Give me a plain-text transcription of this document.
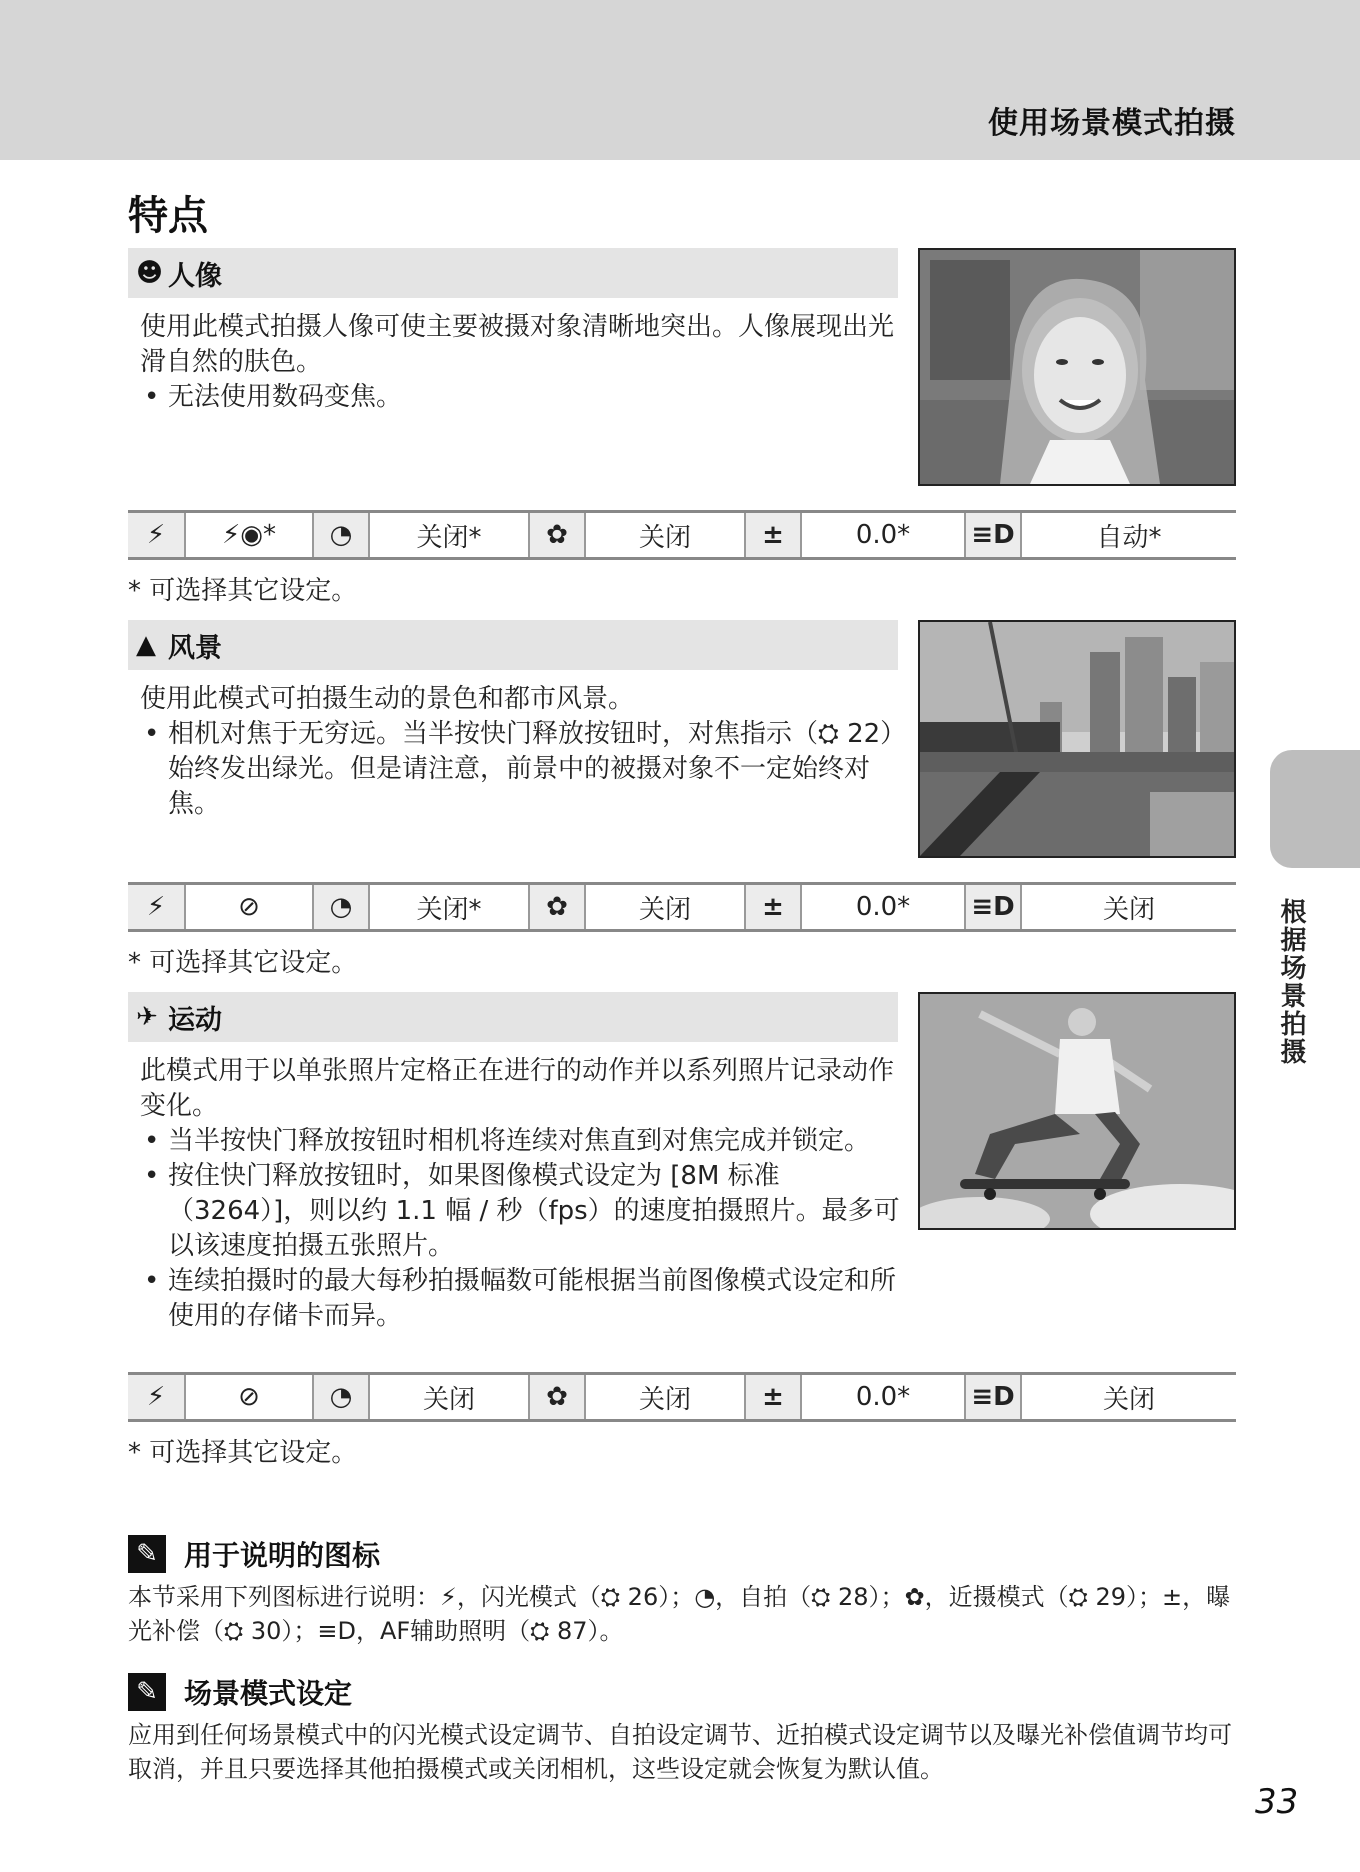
使用场景模式拍摄
特点
☻ 人像

使用此模式拍摄人像可使主要被摄对象清晰地突出。人像展现出光滑自然的肤色。

• 无法使用数码变焦。
⚡	⚡◉*	◔	关闭*	✿	关闭	±	0.0*	≡D	自动*
* 可选择其它设定。
▲ 风景

使用此模式可拍摄生动的景色和都市风景。

• 相机对焦于无穷远。当半按快门释放按钮时，对焦指示（⛭ 22）始终发出绿光。但是请注意，前景中的被摄对象不一定始终对焦。
⚡	⊘	◔	关闭*	✿	关闭	±	0.0*	≡D	关闭
* 可选择其它设定。
✈ 运动

此模式用于以单张照片定格正在进行的动作并以系列照片记录动作变化。

• 当半按快门释放按钮时相机将连续对焦直到对焦完成并锁定。
• 按住快门释放按钮时，如果图像模式设定为 [8M 标准（3264）]，则以约 1.1 幅 / 秒（fps）的速度拍摄照片。最多可以该速度拍摄五张照片。
• 连续拍摄时的最大每秒拍摄幅数可能根据当前图像模式设定和所使用的存储卡而异。
⚡	⊘	◔	关闭	✿	关闭	±	0.0*	≡D	关闭
* 可选择其它设定。
✎ 用于说明的图标
本节采用下列图标进行说明：⚡，闪光模式（⛭ 26）；◔，自拍（⛭ 28）；✿，近摄模式（⛭ 29）；±，曝光补偿（⛭ 30）；≡D，AF辅助照明（⛭ 87）。
✎ 场景模式设定
应用到任何场景模式中的闪光模式设定调节、自拍设定调节、近拍模式设定调节以及曝光补偿值调节均可取消，并且只要选择其他拍摄模式或关闭相机，这些设定就会恢复为默认值。
根据场景拍摄
33
